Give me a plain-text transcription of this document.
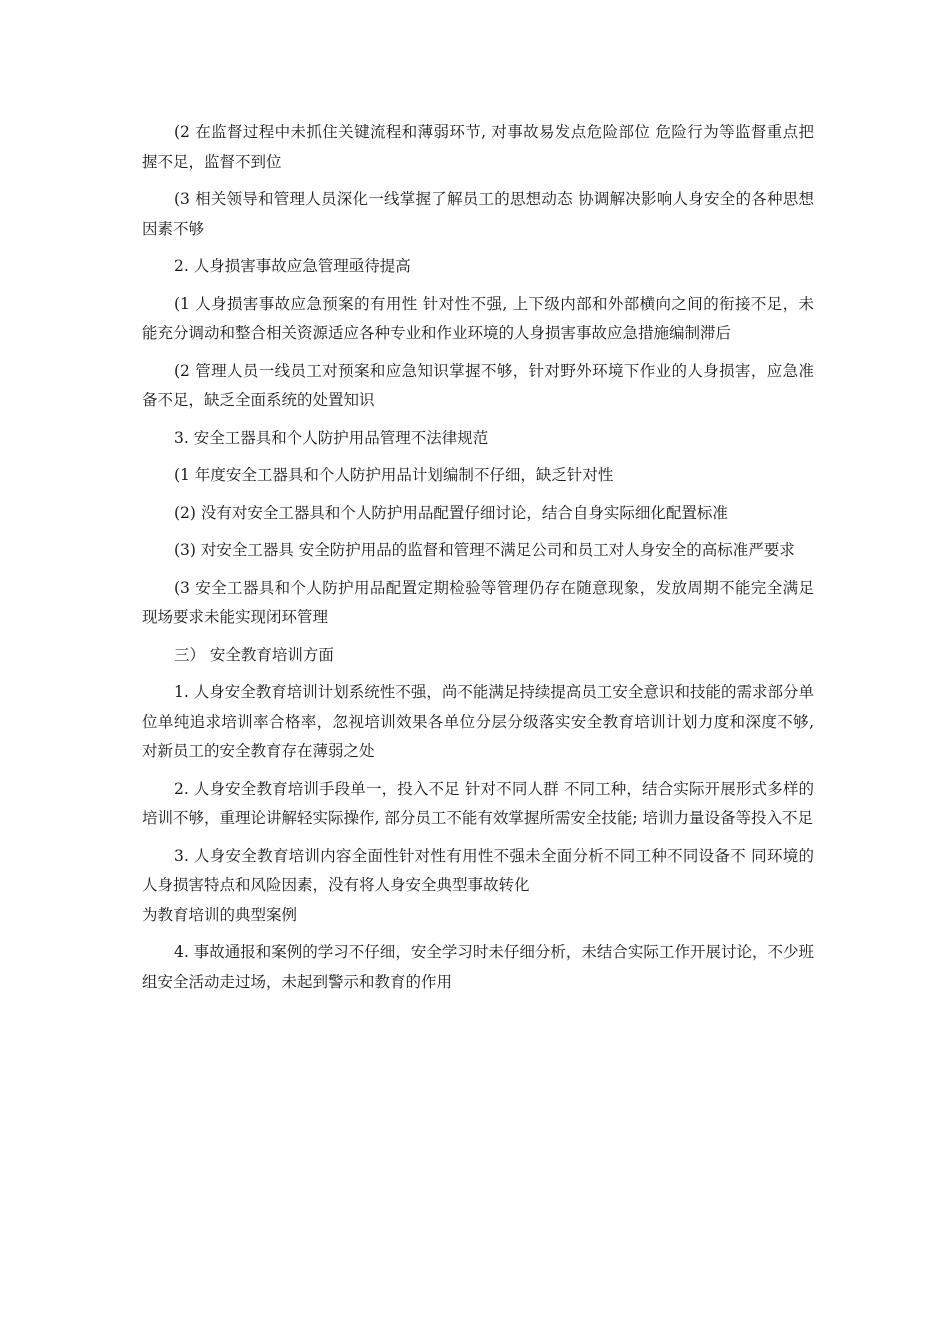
(2 在监督过程中未抓住关键流程和薄弱环节, 对事故易发点危险部位 危险行为等监督重点把握不足，监督不到位

(3 相关领导和管理人员深化一线掌握了解员工的思想动态 协调解决影响人身安全的各种思想因素不够

2. 人身损害事故应急管理亟待提高

(1 人身损害事故应急预案的有用性 针对性不强, 上下级内部和外部横向之间的衔接不足，未能充分调动和整合相关资源适应各种专业和作业环境的人身损害事故应急措施编制滞后

(2 管理人员一线员工对预案和应急知识掌握不够，针对野外环境下作业的人身损害，应急准备不足，缺乏全面系统的处置知识

3. 安全工器具和个人防护用品管理不法律规范

(1 年度安全工器具和个人防护用品计划编制不仔细，缺乏针对性

(2) 没有对安全工器具和个人防护用品配置仔细讨论，结合自身实际细化配置标准

(3) 对安全工器具 安全防护用品的监督和管理不满足公司和员工对人身安全的高标准严要求

(3 安全工器具和个人防护用品配置定期检验等管理仍存在随意现象，发放周期不能完全满足现场要求未能实现闭环管理

三） 安全教育培训方面

1. 人身安全教育培训计划系统性不强，尚不能满足持续提高员工安全意识和技能的需求部分单位单纯追求培训率合格率，忽视培训效果各单位分层分级落实安全教育培训计划力度和深度不够, 对新员工的安全教育存在薄弱之处

2. 人身安全教育培训手段单一，投入不足 针对不同人群 不同工种，结合实际开展形式多样的培训不够，重理论讲解轻实际操作, 部分员工不能有效掌握所需安全技能; 培训力量设备等投入不足

3. 人身安全教育培训内容全面性针对性有用性不强未全面分析不同工种不同设备不 同环境的人身损害特点和风险因素，没有将人身安全典型事故转化

为教育培训的典型案例

4. 事故通报和案例的学习不仔细，安全学习时未仔细分析，未结合实际工作开展讨论，不少班组安全活动走过场，未起到警示和教育的作用
